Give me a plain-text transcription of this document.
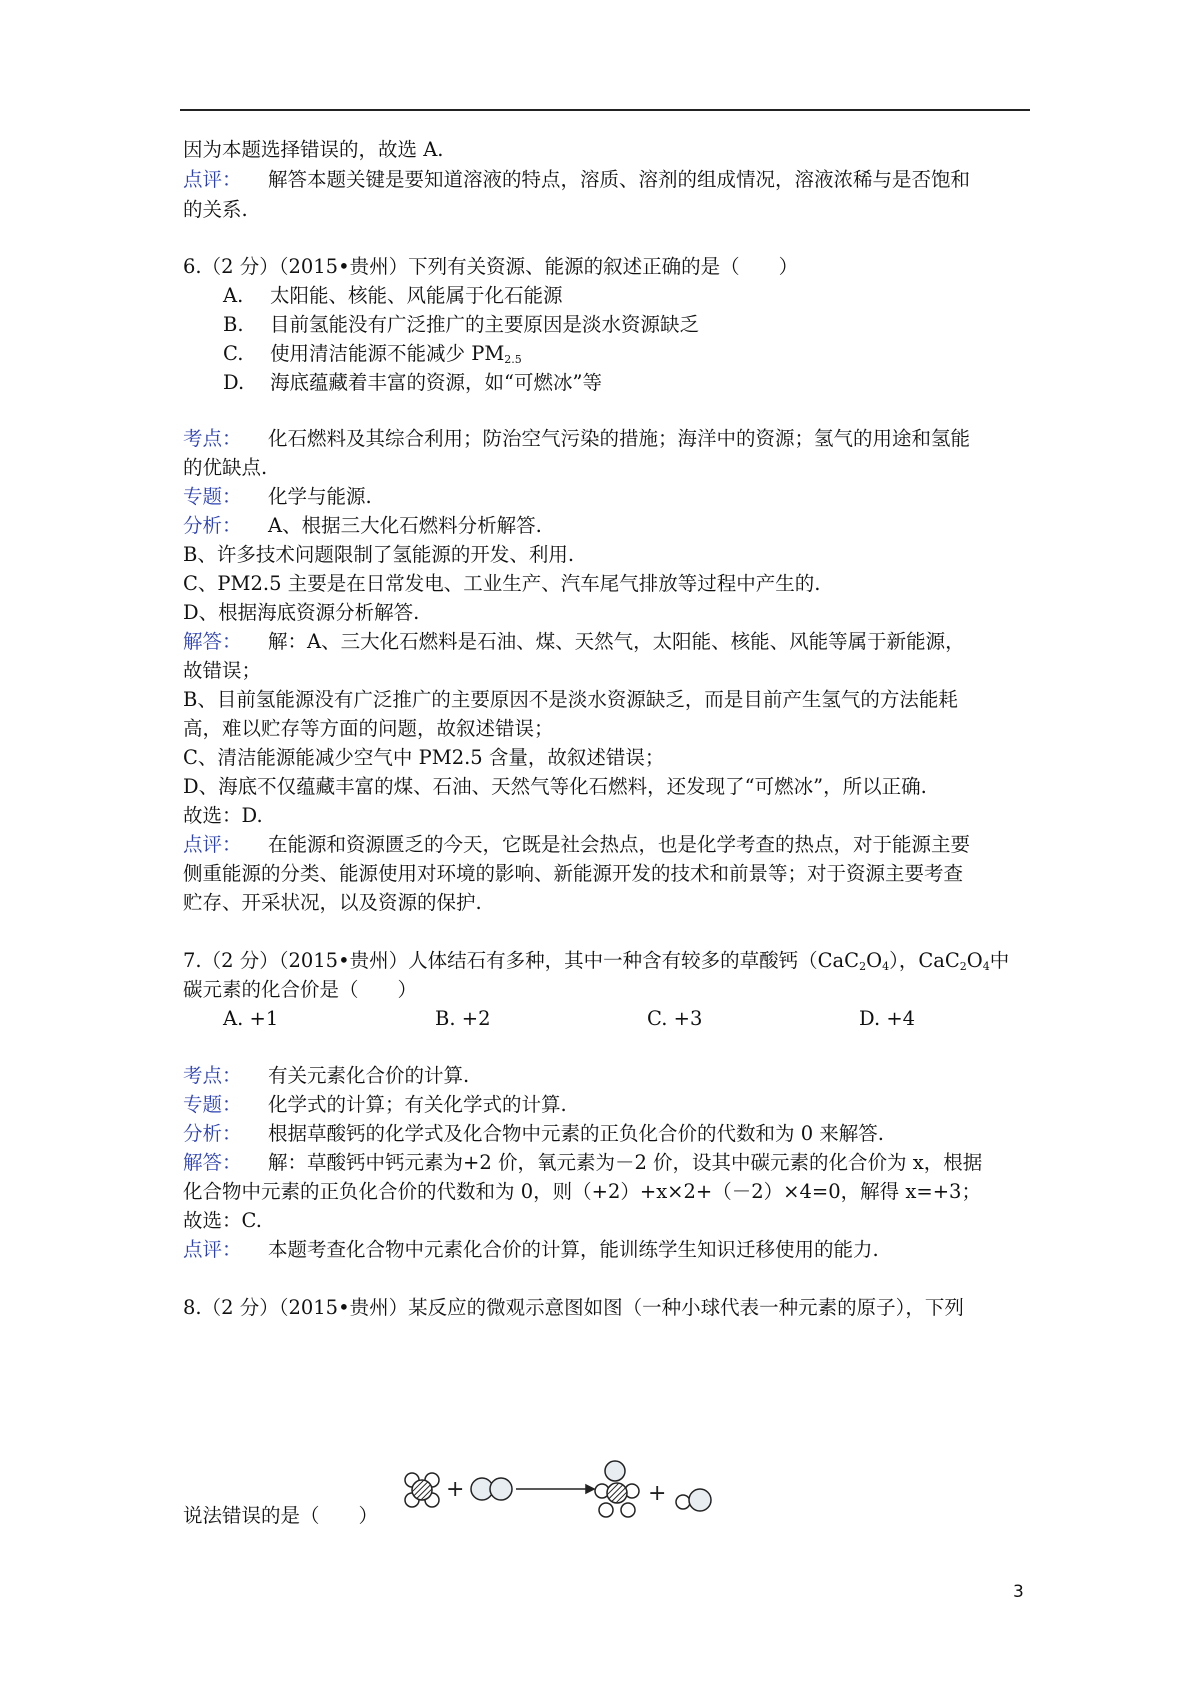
因为本题选择错误的，故选 A.
点评： 解答本题关键是要知道溶液的特点，溶质、溶剂的组成情况，溶液浓稀与是否饱和
的关系.
6.（2 分）（2015•贵州）下列有关资源、能源的叙述正确的是（　　）
A. 太阳能、核能、风能属于化石能源
B. 目前氢能没有广泛推广的主要原因是淡水资源缺乏
C. 使用清洁能源不能减少 $PM_{2.5}$
D. 海底蕴藏着丰富的资源，如“可燃冰”等
考点： 化石燃料及其综合利用；防治空气污染的措施；海洋中的资源；氢气的用途和氢能
的优缺点.
专题： 化学与能源.
分析： A、根据三大化石燃料分析解答.
B、许多技术问题限制了氢能源的开发、利用.
C、PM2.5 主要是在日常发电、工业生产、汽车尾气排放等过程中产生的.
D、根据海底资源分析解答.
解答： 解：A、三大化石燃料是石油、煤、天然气，太阳能、核能、风能等属于新能源，
故错误；
B、目前氢能源没有广泛推广的主要原因不是淡水资源缺乏，而是目前产生氢气的方法能耗
高，难以贮存等方面的问题，故叙述错误；
C、清洁能源能减少空气中 PM2.5 含量，故叙述错误；
D、海底不仅蕴藏丰富的煤、石油、天然气等化石燃料，还发现了“可燃冰”，所以正确.
故选：D.
点评： 在能源和资源匮乏的今天，它既是社会热点，也是化学考查的热点，对于能源主要
侧重能源的分类、能源使用对环境的影响、新能源开发的技术和前景等；对于资源主要考查
贮存、开采状况，以及资源的保护.
7.（2 分）（2015•贵州）人体结石有多种，其中一种含有较多的草酸钙$(CaC_2O_4)$，$CaC_2O_4$中
碳元素的化合价是（　　）
A. +1	B. +2	C. +3	D. +4
考点： 有关元素化合价的计算.
专题： 化学式的计算；有关化学式的计算.
分析： 根据草酸钙的化学式及化合物中元素的正负化合价的代数和为 0 来解答.
解答： 解：草酸钙中钙元素为+2 价，氧元素为－2 价，设其中碳元素的化合价为 x，根据
化合物中元素的正负化合价的代数和为 0，则（+2）+x×2+（－2）×4=0，解得 x=+3；
故选：C.
点评： 本题考查化合物中元素化合价的计算，能训练学生知识迁移使用的能力.
8.（2 分）（2015•贵州）某反应的微观示意图如图（一种小球代表一种元素的原子），下列
说法错误的是（　　）
+	+
3
